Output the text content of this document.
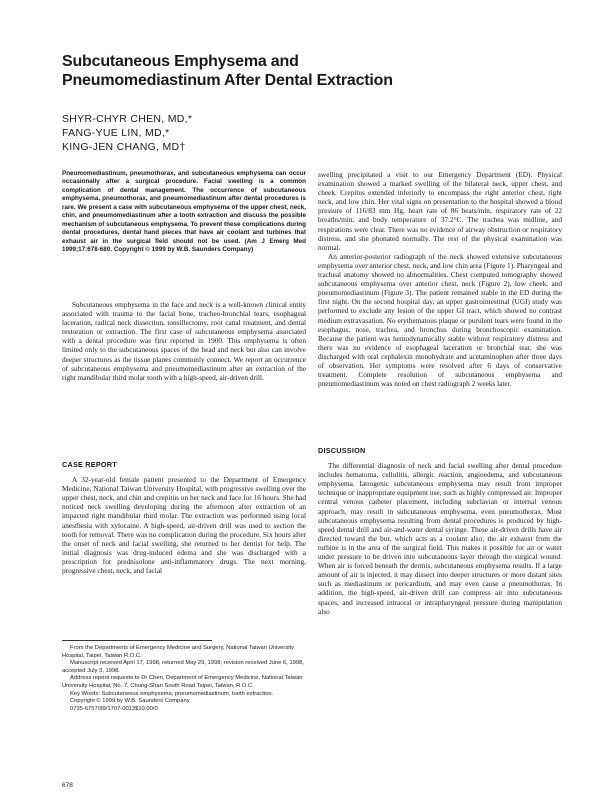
Subcutaneous Emphysema and
Pneumomediastinum After Dental Extraction
SHYR-CHYR CHEN, MD,*
FANG-YUE LIN, MD,*
KING-JEN CHANG, MD†

Pneumomediastinum, pneumothorax, and subcutaneous emphysema can occur occasionally after a surgical procedure. Facial swelling is a common complication of dental management. The occurrence of subcutaneous emphysema, pneumothorax, and pneumomediastinum after dental procedures is rare. We present a case with subcutaneous emphysema of the upper chest, neck, chin, and pneumomediastinum after a tooth extraction and discuss the possible mechanism of subcutaneous emphysema. To prevent these complications during dental procedures, dental hand pieces that have air coolant and turbines that exhaust air in the surgical field should not be used. (Am J Emerg Med 1999;17:678-680. Copyright © 1999 by W.B. Saunders Company)

Subcutaneous emphysema in the face and neck is a well-known clinical entity associated with trauma to the facial bone, tracheo-bronchial tears, esophageal laceration, radical neck dissection, tonsillectomy, root canal treatment, and dental restoration or extraction. The first case of subcutaneous emphysema associated with a dental procedure was first reported in 1900. This emphysema is often limited only to the subcutaneous spaces of the head and neck but also can involve deeper structures as the tissue planes commonly connect. We report an occurrence of subcutaneous emphysema and pneumomediastinum after an extraction of the right mandibular third molar tooth with a high-speed, air-driven drill.

CASE REPORT

A 32-year-old female patient presented to the Department of Emergency Medicine, National Taiwan University Hospital, with progressive swelling over the upper chest, neck, and chin and crepitus on her neck and face for 16 hours. She had noticed neck swelling developing during the afternoon after extraction of an impacted right mandibular third molar. The extraction was performed using local anesthesia with xylocaine. A high-speed, air-driven drill was used to section the tooth for removal. There was no complication during the procedure. Six hours after the onset of neck and facial swelling, she returned to her dentist for help. The initial diagnosis was drug-induced edema and she was discharged with a prescription for prednisolone anti-inflammatory drugs. The next morning, progressive chest, neck, and facial

From the Departments of Emergency Medicine and Surgery, National Taiwan University Hospital, Taipei, Taiwan R.O.C.

Manuscript received April 17, 1998, returned May 29, 1998; revision received June 6, 1998, accepted July 3, 1998.

Address reprint requests to Dr Chen, Department of Emergency Medicine, National Taiwan University Hospital, No. 7, Chung-Shan South Road Taipei, Taiwan, R.O.C.

Key Words: Subcutaneous emphysema, pneumomediastinum, tooth extraction.

Copyright © 1999 by W.B. Saunders Company

0735-6757/99/1707-0013$10.00/0

swelling precipitated a visit to our Emergency Department (ED). Physical examination showed a marked swelling of the bilateral neck, upper chest, and cheek. Crepitus extended inferiorly to encompass the right anterior chest, right neck, and low chin. Her vital signs on presentation to the hospital showed a blood pressure of 116/83 mm Hg, heart rate of 86 beats/min, respiratory rate of 22 breaths/min, and body temperature of 37.2°C. The trachea was midline, and respirations were clear. There was no evidence of airway obstruction or respiratory distress, and she phonated normally. The rest of the physical examination was normal.

An anterior-posterior radiograph of the neck showed extensive subcutaneous emphysema over anterior chest, neck, and low chin area (Figure 1). Pharyngeal and tracheal anatomy showed no abnormalities. Chest computed tomography showed subcutaneous emphysema over anterior chest, neck (Figure 2), low cheek, and pneumomediastinum (Figure 3). The patient remained stable in the ED during the first night. On the second hospital day, an upper gastrointestinal (UGI) study was performed to exclude any lesion of the upper GI tract, which showed no contrast medium extravasation. No erythematous plaque or purulent tears were found in the esophagus, nose, trachea, and bronchus during bronchoscopic examination. Because the patient was hemodynamically stable without respiratory distress and there was no evidence of esophageal laceration or bronchial tear, she was discharged with oral cephalexin monohydrate and acetaminophen after three days of observation. Her symptoms were resolved after 6 days of conservative treatment. Complete resolution of subcutaneous emphysema and pneumomediastinum was noted on chest radiograph 2 weeks later.

DISCUSSION

The differential diagnosis of neck and facial swelling after dental procedure includes hematoma, cellulitis, allergic reaction, angioedema, and subcutaneous emphysema. Iatrogenic subcutaneous emphysema may result from improper technique or inappropriate equipment use, such as highly compressed air. Improper central venous catheter placement, including subclavian or internal venous approach, may result in subcutaneous emphysema, even pneumothorax. Most subcutaneous emphysema resulting from dental procedures is produced by high-speed dental drill and air-and-water dental syringe. These air-driven drills have air directed toward the bur, which acts as a coolant also; the air exhaust from the turbine is in the area of the surgical field. This makes it possible for air or water under pressure to be driven into subcutaneous layer through the surgical wound. When air is forced beneath the dermis, subcutaneous emphysema results. If a large amount of air is injected, it may dissect into deeper structures or more distant sites such as mediastinum or pericardium, and may even cause a pneumothorax. In addition, the high-speed, air-driven drill can compress air into subcutaneous spaces, and increased intraoral or intrapharyngeal pressure during manipulation also

678
